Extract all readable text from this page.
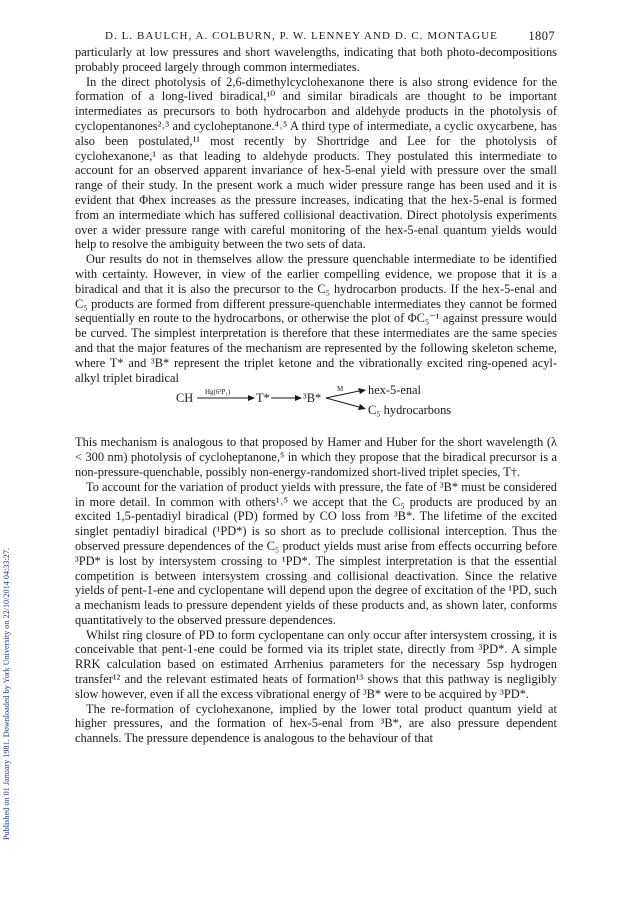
Published on 01 January 1981. Downloaded by York University on 22/10/2014 04:33:27.
D. L. BAULCH, A. COLBURN, P. W. LENNEY AND D. C. MONTAGUE 1807

particularly at low pressures and short wavelengths, indicating that both photo-decompositions probably proceed largely through common intermediates.

In the direct photolysis of 2,6-dimethylcyclohexanone there is also strong evidence for the formation of a long-lived biradical,¹⁰ and similar biradicals are thought to be important intermediates as precursors to both hydrocarbon and aldehyde products in the photolysis of cyclopentanones²˒³ and cycloheptanone.⁴˒⁵ A third type of intermediate, a cyclic oxycarbene, has also been postulated,¹¹ most recently by Shortridge and Lee for the photolysis of cyclohexanone,¹ as that leading to aldehyde products. They postulated this intermediate to account for an observed apparent invariance of hex-5-enal yield with pressure over the small range of their study. In the present work a much wider pressure range has been used and it is evident that Φhex increases as the pressure increases, indicating that the hex-5-enal is formed from an intermediate which has suffered collisional deactivation. Direct photolysis experiments over a wider pressure range with careful monitoring of the hex-5-enal quantum yields would help to resolve the ambiguity between the two sets of data.

Our results do not in themselves allow the pressure quenchable intermediate to be identified with certainty. However, in view of the earlier compelling evidence, we propose that it is a biradical and that it is also the precursor to the C₅ hydrocarbon products. If the hex-5-enal and C₅ products are formed from different pressure-quenchable intermediates they cannot be formed sequentially en route to the hydrocarbons, or otherwise the plot of ΦC₅⁻¹ against pressure would be curved. The simplest interpretation is therefore that these intermediates are the same species and that the major features of the mechanism are represented by the following skeleton scheme, where T* and ³B* represent the triplet ketone and the vibrationally excited ring-opened acyl-alkyl triplet biradical

CH Hg(6³P₁) T*	³B*
M hex-5-enal
C₅ hydrocarbons

This mechanism is analogous to that proposed by Hamer and Huber for the short wavelength (λ < 300 nm) photolysis of cycloheptanone,⁵ in which they propose that the biradical precursor is a non-pressure-quenchable, possibly non-energy-randomized short-lived triplet species, T†.

To account for the variation of product yields with pressure, the fate of ³B* must be considered in more detail. In common with others¹˒⁵ we accept that the C₅ products are produced by an excited 1,5-pentadiyl biradical (PD) formed by CO loss from ³B*. The lifetime of the excited singlet pentadiyl biradical (¹PD*) is so short as to preclude collisional interception. Thus the observed pressure dependences of the C₅ product yields must arise from effects occurring before ³PD* is lost by intersystem crossing to ¹PD*. The simplest interpretation is that the essential competition is between intersystem crossing and collisional deactivation. Since the relative yields of pent-1-ene and cyclopentane will depend upon the degree of excitation of the ¹PD, such a mechanism leads to pressure dependent yields of these products and, as shown later, conforms quantitatively to the observed pressure dependences.

Whilst ring closure of PD to form cyclopentane can only occur after intersystem crossing, it is conceivable that pent-1-ene could be formed via its triplet state, directly from ³PD*. A simple RRK calculation based on estimated Arrhenius parameters for the necessary 5sp hydrogen transfer¹² and the relevant estimated heats of formation¹³ shows that this pathway is negligibly slow however, even if all the excess vibrational energy of ³B* were to be acquired by ³PD*.

The re-formation of cyclohexanone, implied by the lower total product quantum yield at higher pressures, and the formation of hex-5-enal from ³B*, are also pressure dependent channels. The pressure dependence is analogous to the behaviour of that
